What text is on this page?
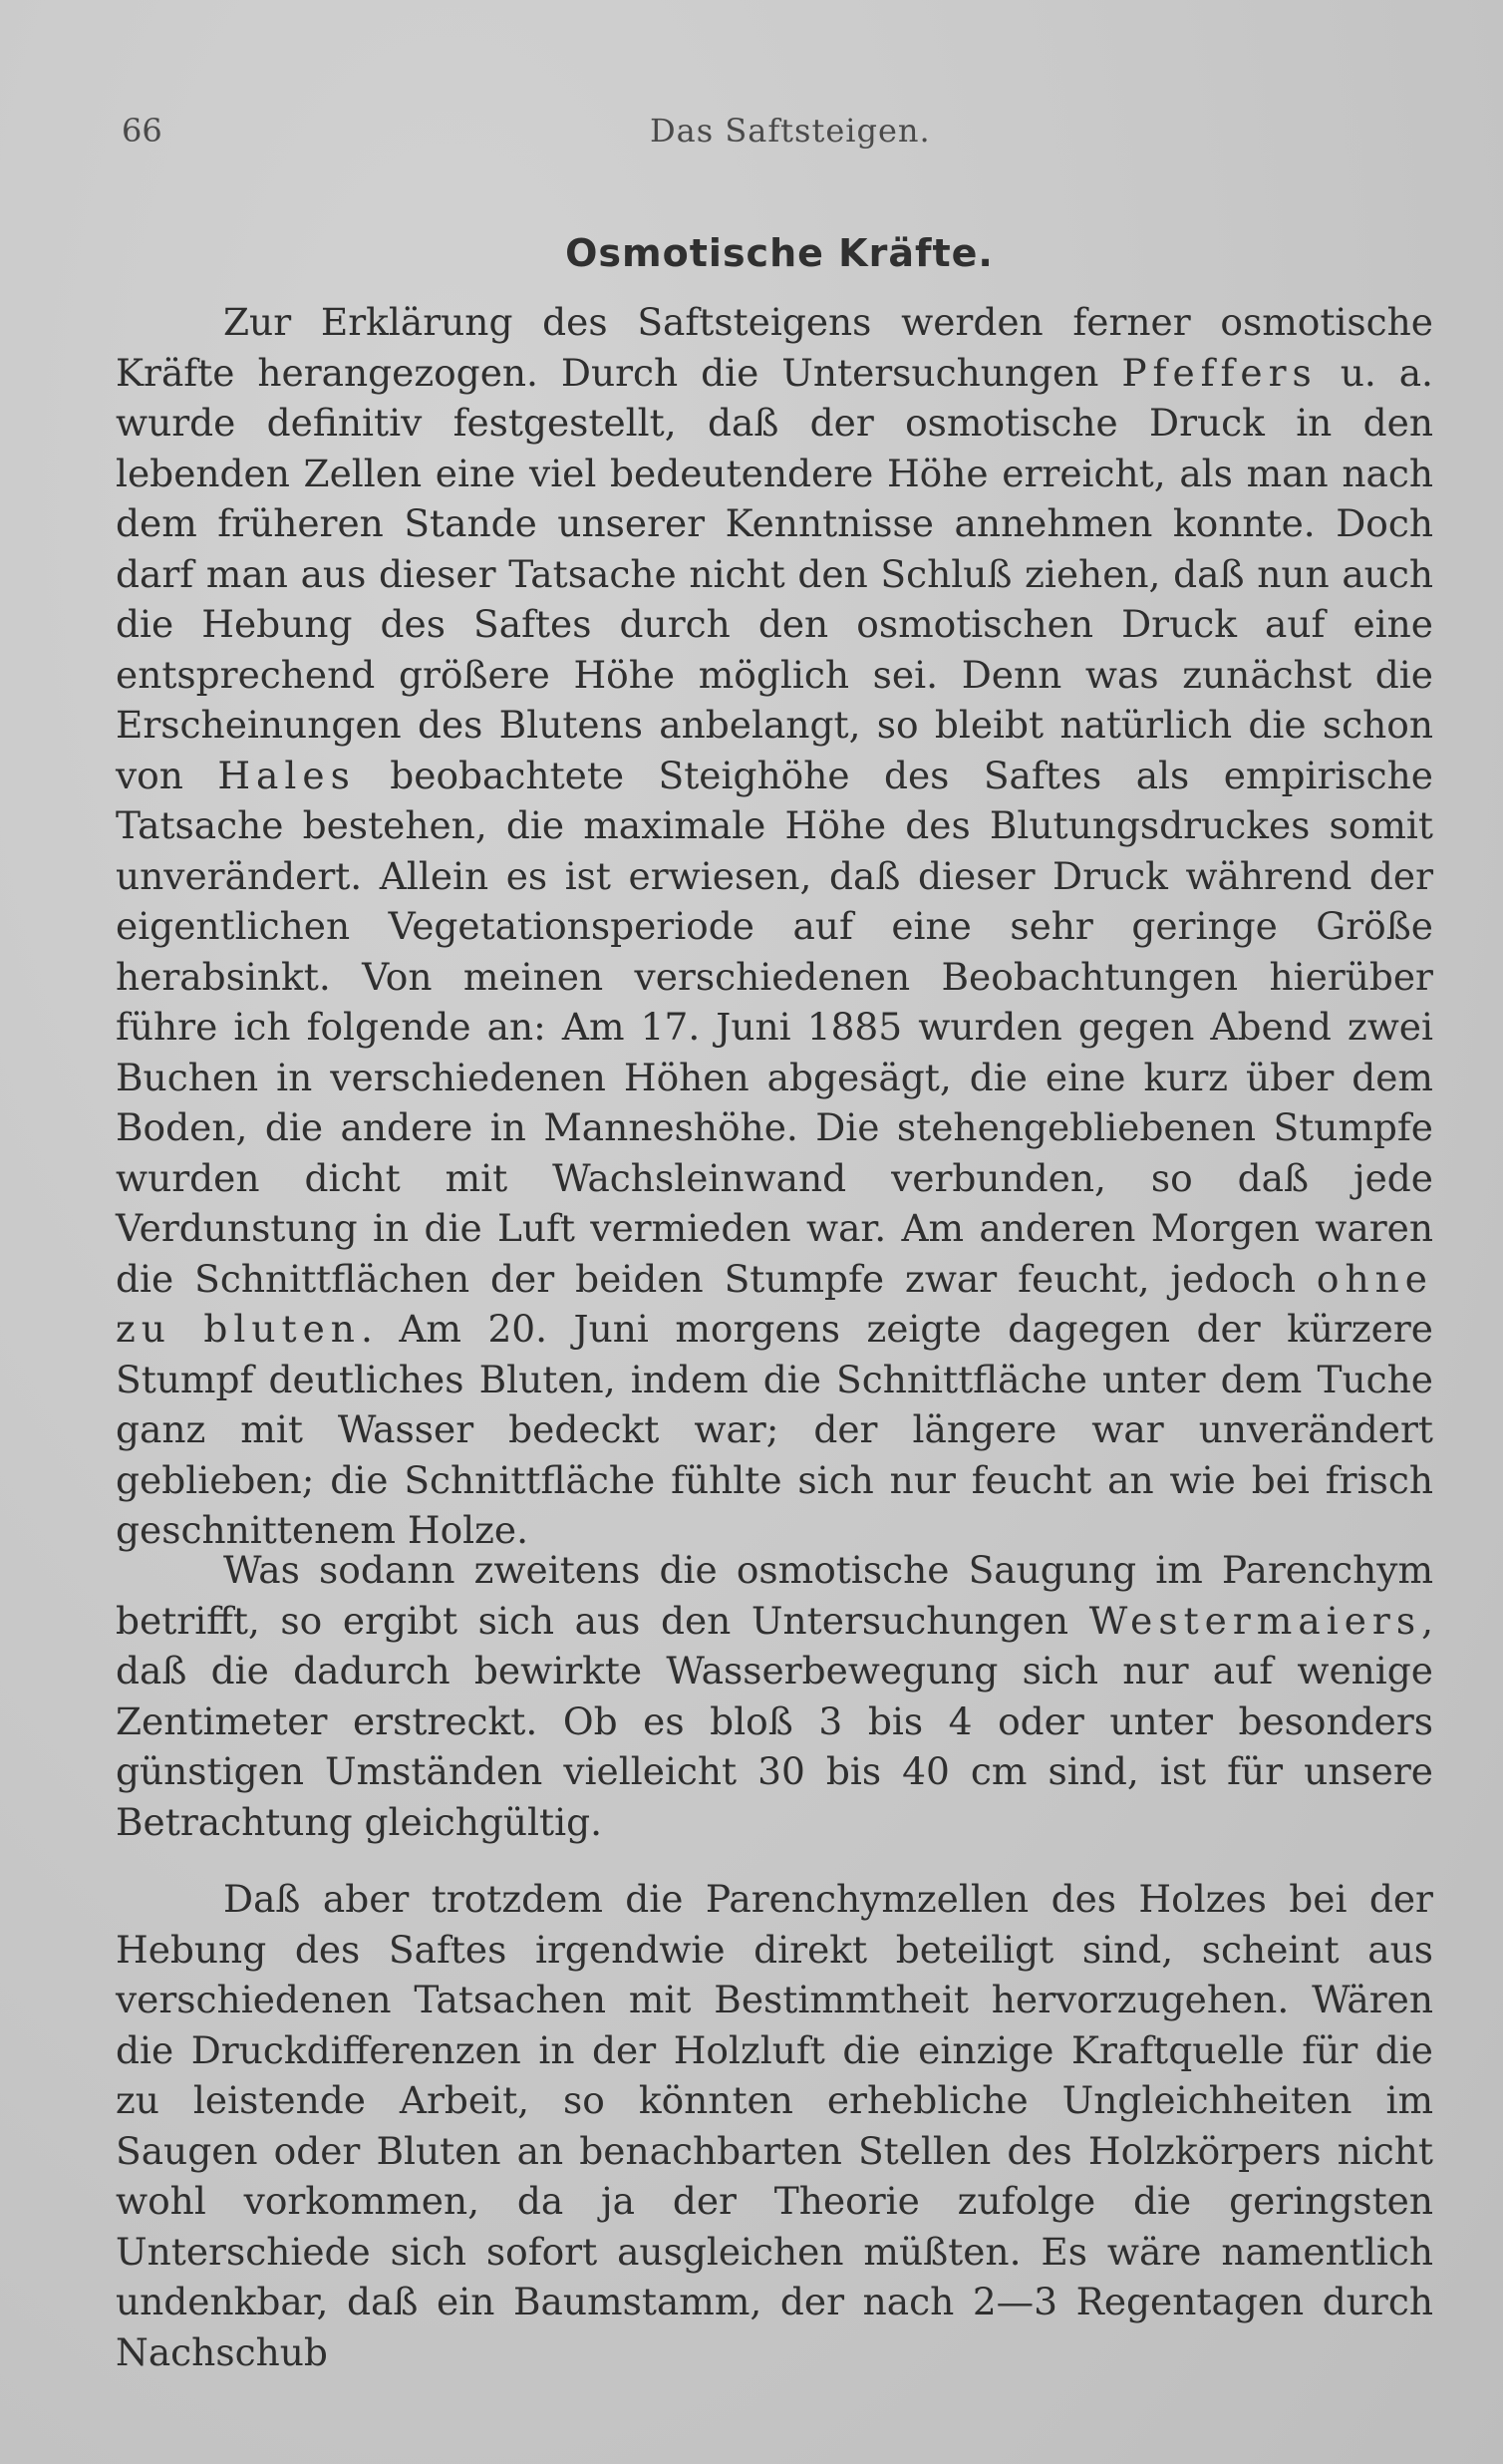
66	Das Saftsteigen.
Osmotische Kräfte.

Zur Erklärung des Saftsteigens werden ferner osmotische Kräfte herangezogen. Durch die Untersuchungen Pfeffers u. a. wurde definitiv festgestellt, daß der osmotische Druck in den lebenden Zellen eine viel bedeutendere Höhe erreicht, als man nach dem früheren Stande unserer Kenntnisse annehmen konnte. Doch darf man aus dieser Tatsache nicht den Schluß ziehen, daß nun auch die Hebung des Saftes durch den osmotischen Druck auf eine entsprechend größere Höhe möglich sei. Denn was zunächst die Erscheinungen des Blutens anbelangt, so bleibt natürlich die schon von Hales beobachtete Steighöhe des Saftes als empirische Tatsache bestehen, die maximale Höhe des Blutungsdruckes somit unverändert. Allein es ist erwiesen, daß dieser Druck während der eigentlichen Vegetationsperiode auf eine sehr geringe Größe herabsinkt. Von meinen verschiedenen Beobachtungen hierüber führe ich folgende an: Am 17. Juni 1885 wurden gegen Abend zwei Buchen in verschiedenen Höhen abgesägt, die eine kurz über dem Boden, die andere in Manneshöhe. Die stehengebliebenen Stumpfe wurden dicht mit Wachsleinwand verbunden, so daß jede Verdunstung in die Luft vermieden war. Am anderen Morgen waren die Schnittflächen der beiden Stumpfe zwar feucht, jedoch ohne zu bluten. Am 20. Juni morgens zeigte dagegen der kürzere Stumpf deutliches Bluten, indem die Schnittfläche unter dem Tuche ganz mit Wasser bedeckt war; der längere war unverändert geblieben; die Schnittfläche fühlte sich nur feucht an wie bei frisch geschnittenem Holze.

Was sodann zweitens die osmotische Saugung im Parenchym betrifft, so ergibt sich aus den Untersuchungen Westermaiers, daß die dadurch bewirkte Wasserbewegung sich nur auf wenige Zentimeter erstreckt. Ob es bloß 3 bis 4 oder unter besonders günstigen Umständen vielleicht 30 bis 40 cm sind, ist für unsere Betrachtung gleichgültig.

Daß aber trotzdem die Parenchymzellen des Holzes bei der Hebung des Saftes irgendwie direkt beteiligt sind, scheint aus verschiedenen Tatsachen mit Bestimmtheit hervorzugehen. Wären die Druckdifferenzen in der Holzluft die einzige Kraftquelle für die zu leistende Arbeit, so könnten erhebliche Ungleichheiten im Saugen oder Bluten an benachbarten Stellen des Holzkörpers nicht wohl vorkommen, da ja der Theorie zufolge die geringsten Unterschiede sich sofort ausgleichen müßten. Es wäre namentlich undenkbar, daß ein Baumstamm, der nach 2—3 Regentagen durch Nachschub
